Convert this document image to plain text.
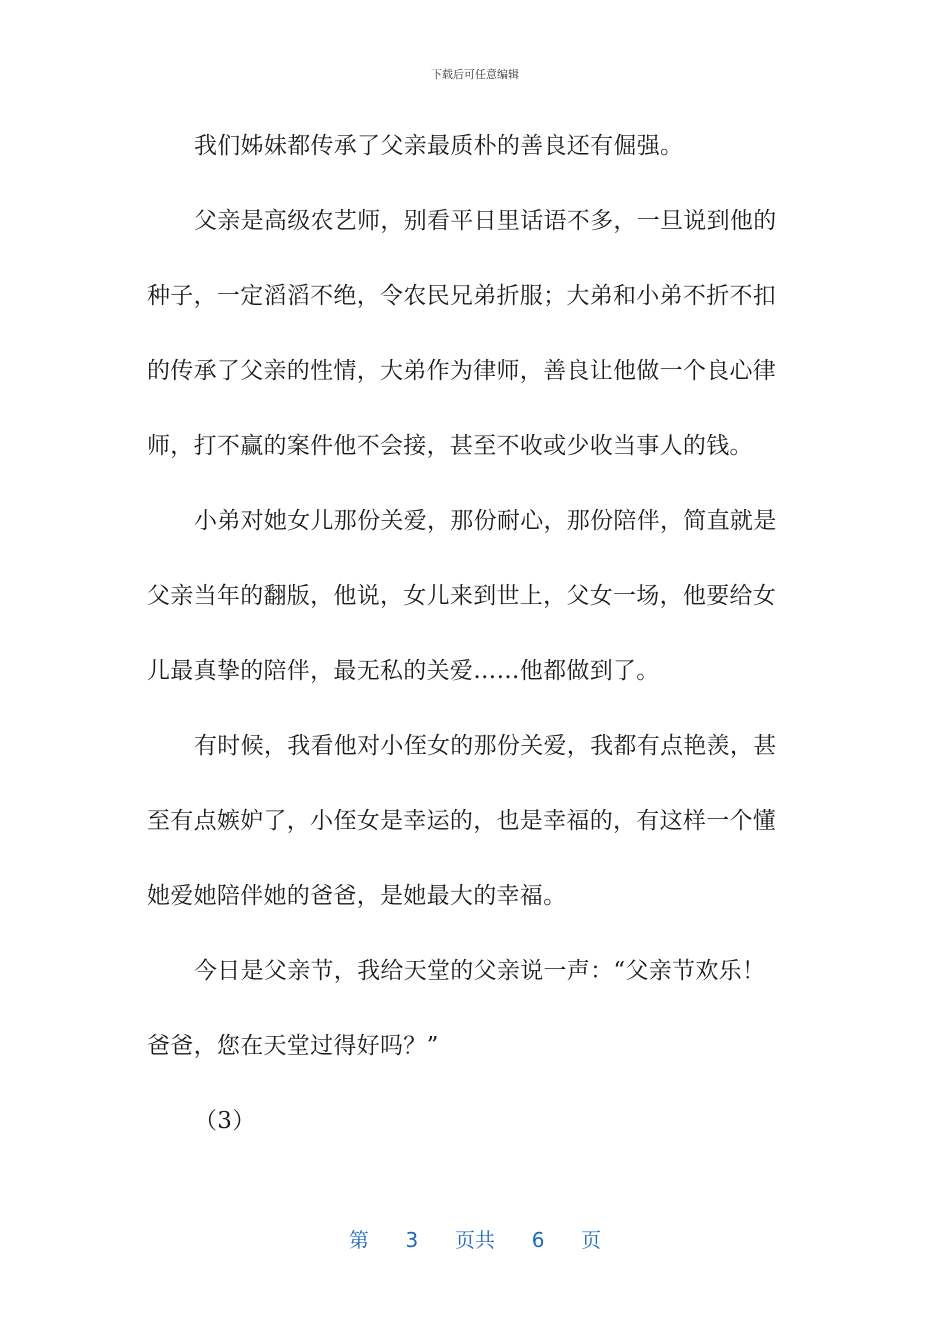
下载后可任意编辑
我们姊妹都传承了父亲最质朴的善良还有倔强。
父亲是高级农艺师，别看平日里话语不多，一旦说到他的
种子，一定滔滔不绝，令农民兄弟折服；大弟和小弟不折不扣
的传承了父亲的性情，大弟作为律师，善良让他做一个良心律
师，打不赢的案件他不会接，甚至不收或少收当事人的钱。
小弟对她女儿那份关爱，那份耐心，那份陪伴，简直就是
父亲当年的翻版，他说，女儿来到世上，父女一场，他要给女
儿最真挚的陪伴，最无私的关爱……他都做到了。
有时候，我看他对小侄女的那份关爱，我都有点艳羡，甚
至有点嫉妒了，小侄女是幸运的，也是幸福的，有这样一个懂
她爱她陪伴她的爸爸，是她最大的幸福。
今日是父亲节，我给天堂的父亲说一声：“父亲节欢乐！
爸爸，您在天堂过得好吗？”
（3）
第 3 页共 6 页
